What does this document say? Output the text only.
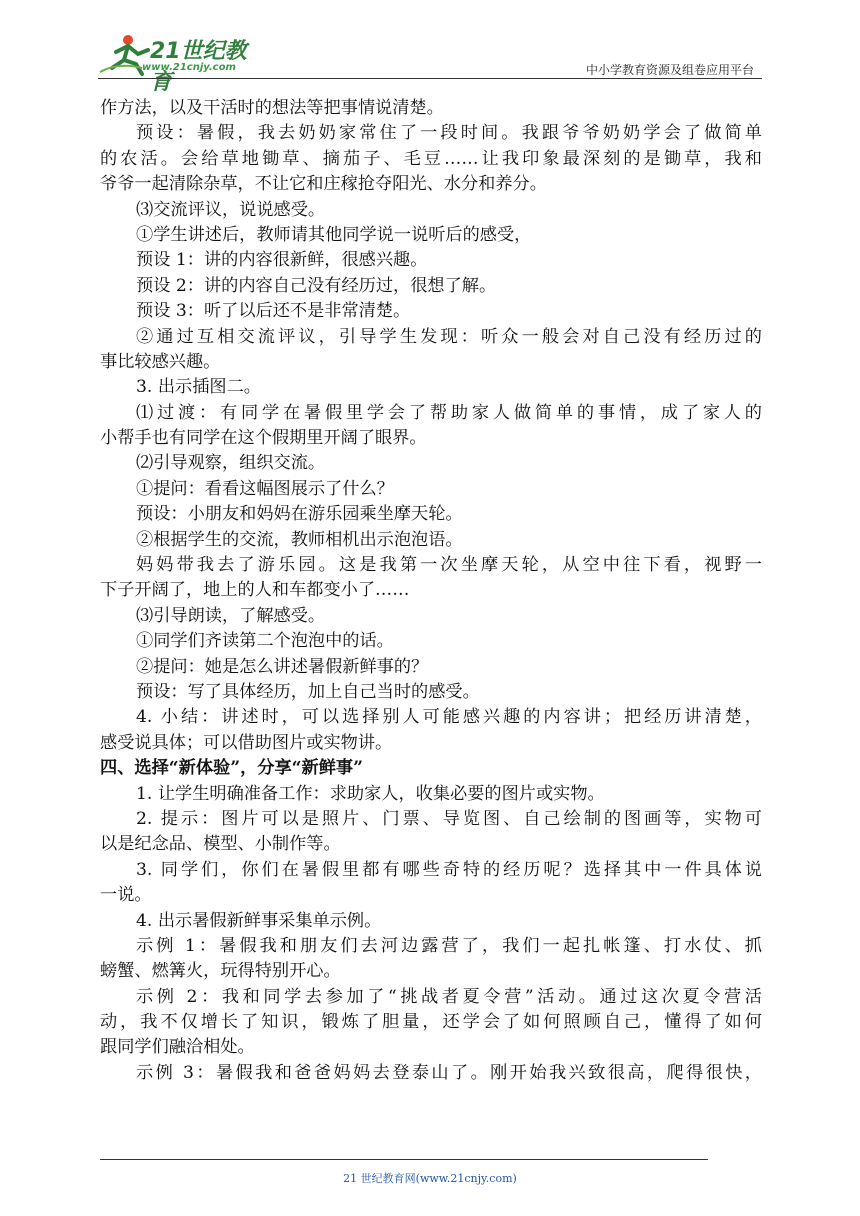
21世纪教育
www.21cnjy.com	中小学教育资源及组卷应用平台
作方法，以及干活时的想法等把事情说清楚。
预设：暑假，我去奶奶家常住了一段时间。我跟爷爷奶奶学会了做简单
的农活。会给草地锄草、摘茄子、毛豆……让我印象最深刻的是锄草，我和
爷爷一起清除杂草，不让它和庄稼抢夺阳光、水分和养分。
⑶交流评议，说说感受。
①学生讲述后，教师请其他同学说一说听后的感受，
预设 1：讲的内容很新鲜，很感兴趣。
预设 2：讲的内容自己没有经历过，很想了解。
预设 3：听了以后还不是非常清楚。
②通过互相交流评议，引导学生发现：听众一般会对自己没有经历过的
事比较感兴趣。
3. 出示插图二。
⑴过渡：有同学在暑假里学会了帮助家人做简单的事情，成了家人的
小帮手也有同学在这个假期里开阔了眼界。
⑵引导观察，组织交流。
①提问：看看这幅图展示了什么？
预设：小朋友和妈妈在游乐园乘坐摩天轮。
②根据学生的交流，教师相机出示泡泡语。
妈妈带我去了游乐园。这是我第一次坐摩天轮，从空中往下看，视野一
下子开阔了，地上的人和车都变小了……
⑶引导朗读，了解感受。
①同学们齐读第二个泡泡中的话。
②提问：她是怎么讲述暑假新鲜事的？
预设：写了具体经历，加上自己当时的感受。
4. 小结：讲述时，可以选择别人可能感兴趣的内容讲；把经历讲清楚，
感受说具体；可以借助图片或实物讲。
四、选择“新体验”，分享“新鲜事”
1. 让学生明确准备工作：求助家人，收集必要的图片或实物。
2. 提示：图片可以是照片、门票、导览图、自己绘制的图画等，实物可
以是纪念品、模型、小制作等。
3. 同学们，你们在暑假里都有哪些奇特的经历呢？选择其中一件具体说
一说。
4. 出示暑假新鲜事采集单示例。
示例 1：暑假我和朋友们去河边露营了，我们一起扎帐篷、打水仗、抓
螃蟹、燃篝火，玩得特别开心。
示例 2：我和同学去参加了“挑战者夏令营”活动。通过这次夏令营活
动，我不仅增长了知识，锻炼了胆量，还学会了如何照顾自己，懂得了如何
跟同学们融洽相处。
示例 3：暑假我和爸爸妈妈去登泰山了。刚开始我兴致很高，爬得很快，
21 世纪教育网(www.21cnjy.com)
